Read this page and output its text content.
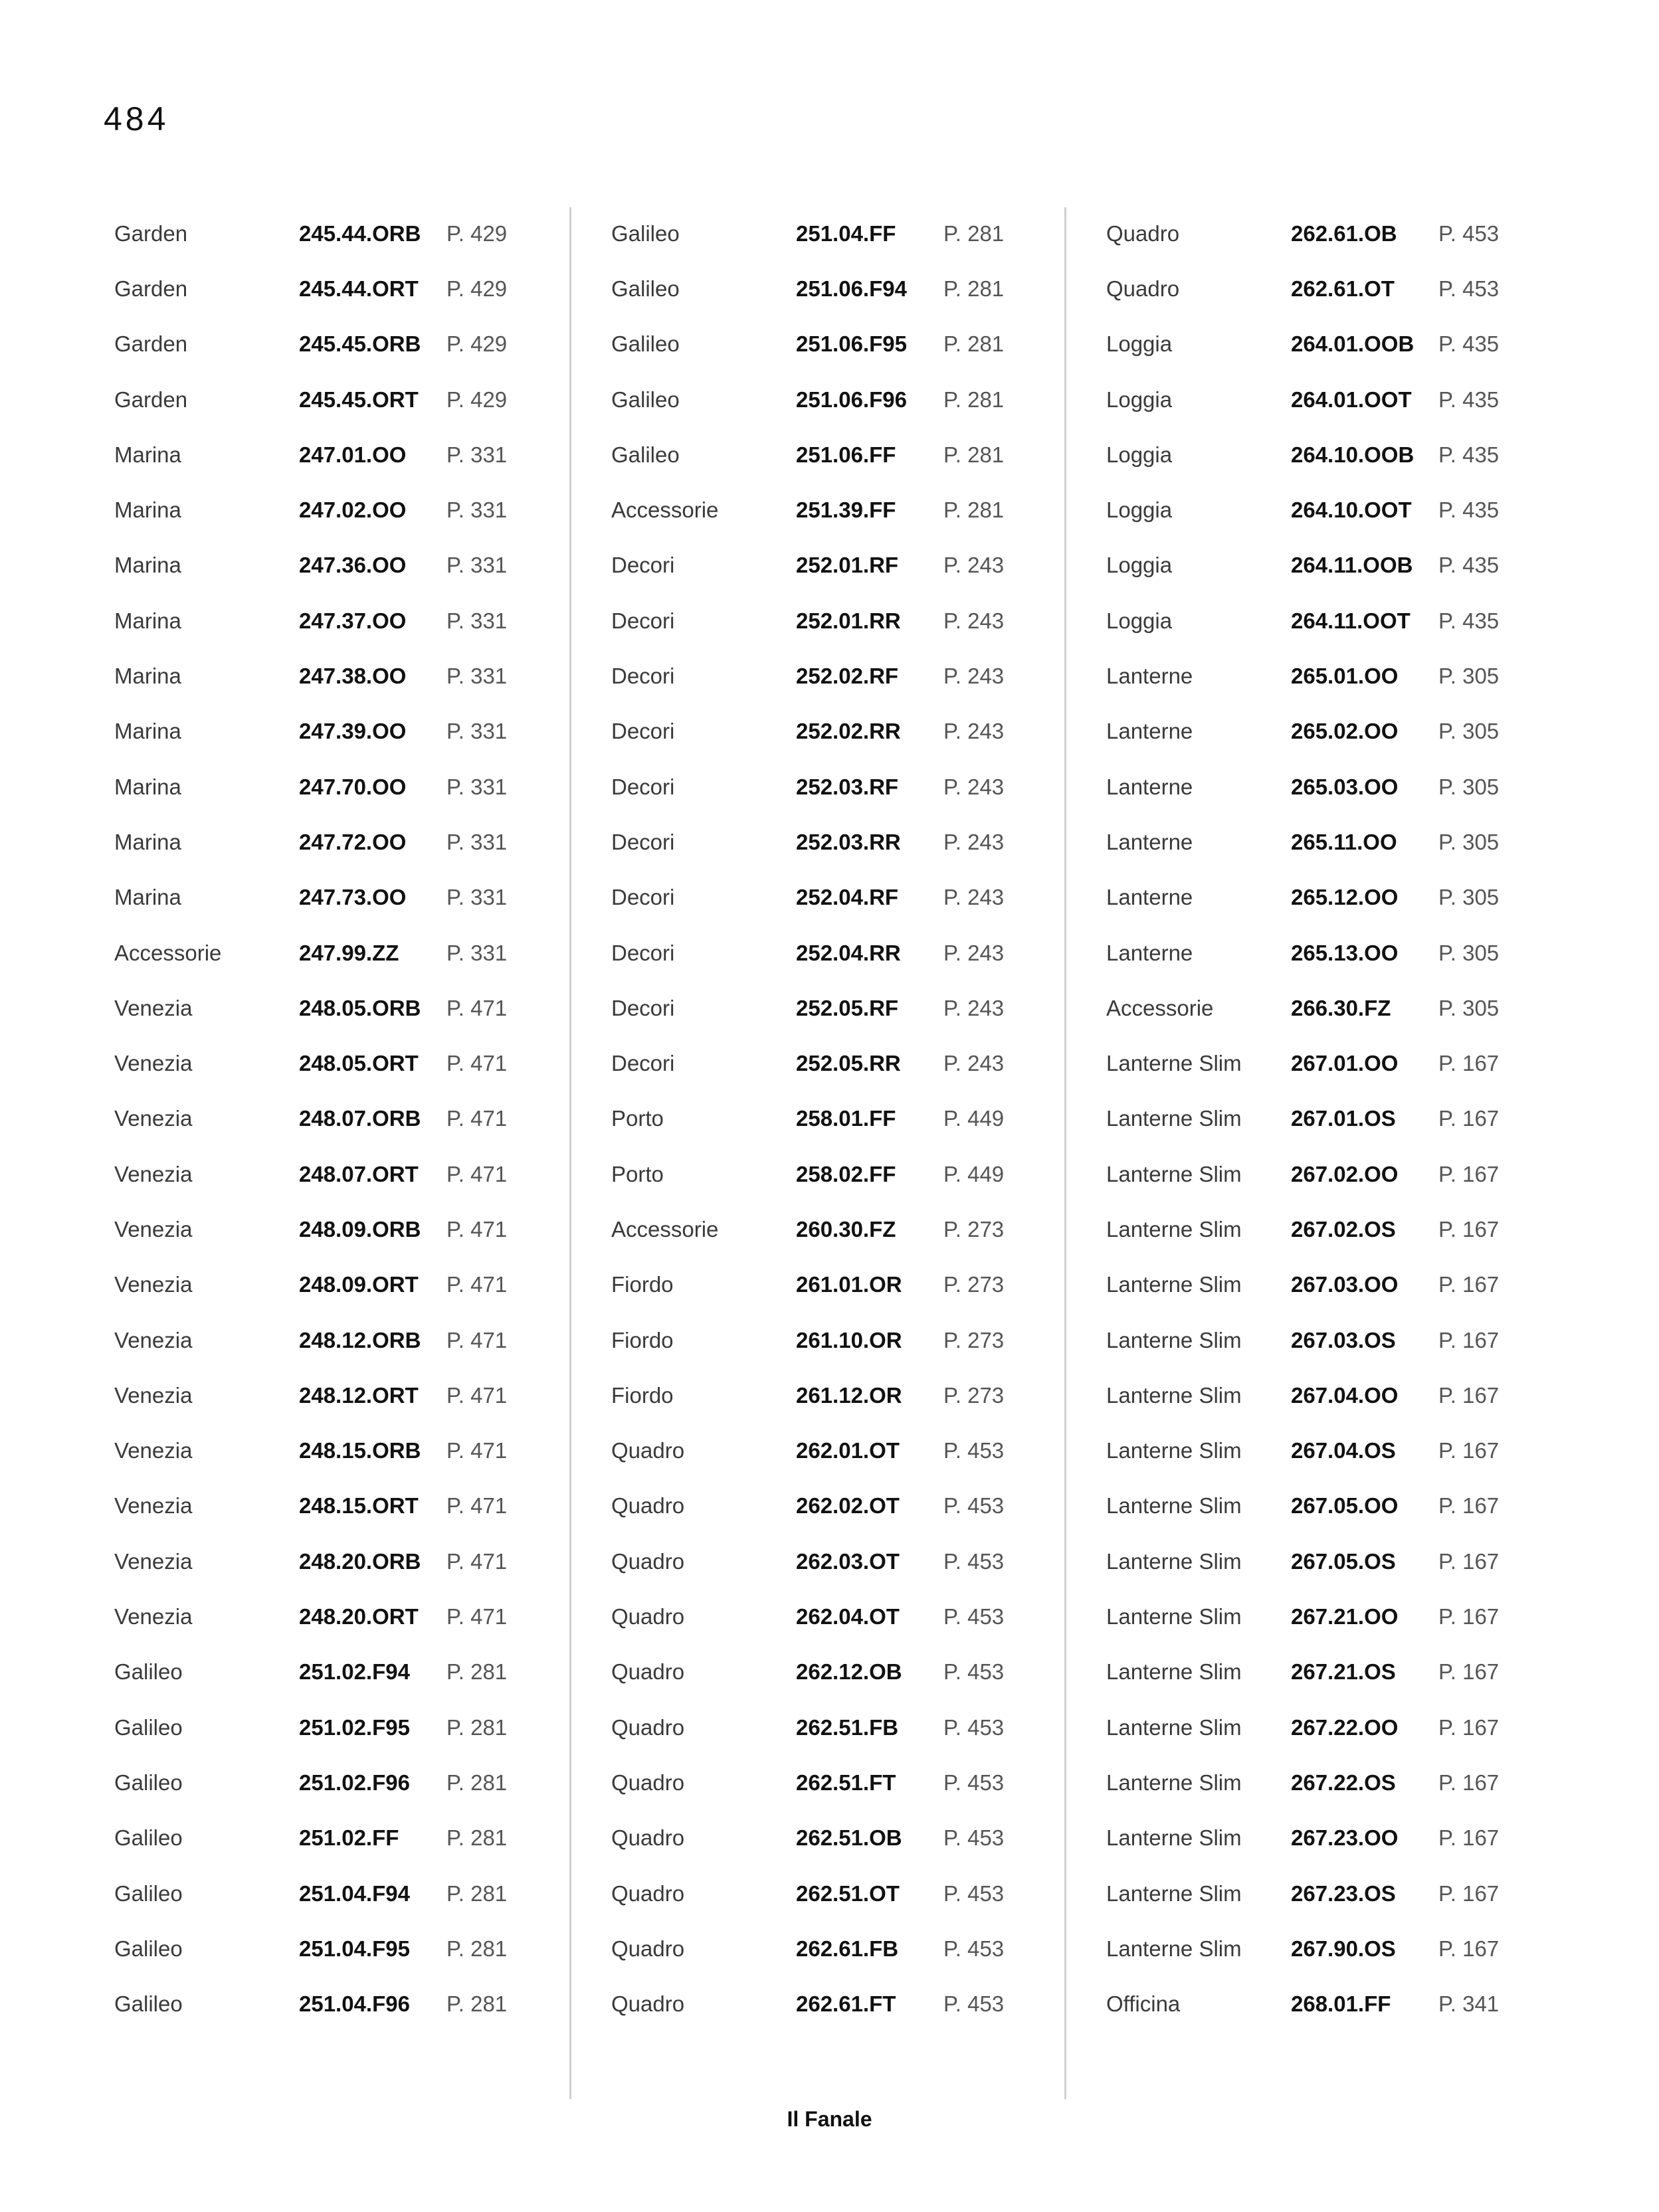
484
Garden	245.44.ORB	P. 429
Garden	245.44.ORT	P. 429
Garden	245.45.ORB	P. 429
Garden	245.45.ORT	P. 429
Marina	247.01.OO	P. 331
Marina	247.02.OO	P. 331
Marina	247.36.OO	P. 331
Marina	247.37.OO	P. 331
Marina	247.38.OO	P. 331
Marina	247.39.OO	P. 331
Marina	247.70.OO	P. 331
Marina	247.72.OO	P. 331
Marina	247.73.OO	P. 331
Accessorie	247.99.ZZ	P. 331
Venezia	248.05.ORB	P. 471
Venezia	248.05.ORT	P. 471
Venezia	248.07.ORB	P. 471
Venezia	248.07.ORT	P. 471
Venezia	248.09.ORB	P. 471
Venezia	248.09.ORT	P. 471
Venezia	248.12.ORB	P. 471
Venezia	248.12.ORT	P. 471
Venezia	248.15.ORB	P. 471
Venezia	248.15.ORT	P. 471
Venezia	248.20.ORB	P. 471
Venezia	248.20.ORT	P. 471
Galileo	251.02.F94	P. 281
Galileo	251.02.F95	P. 281
Galileo	251.02.F96	P. 281
Galileo	251.02.FF	P. 281
Galileo	251.04.F94	P. 281
Galileo	251.04.F95	P. 281
Galileo	251.04.F96	P. 281
Galileo	251.04.FF	P. 281
Galileo	251.06.F94	P. 281
Galileo	251.06.F95	P. 281
Galileo	251.06.F96	P. 281
Galileo	251.06.FF	P. 281
Accessorie	251.39.FF	P. 281
Decori	252.01.RF	P. 243
Decori	252.01.RR	P. 243
Decori	252.02.RF	P. 243
Decori	252.02.RR	P. 243
Decori	252.03.RF	P. 243
Decori	252.03.RR	P. 243
Decori	252.04.RF	P. 243
Decori	252.04.RR	P. 243
Decori	252.05.RF	P. 243
Decori	252.05.RR	P. 243
Porto	258.01.FF	P. 449
Porto	258.02.FF	P. 449
Accessorie	260.30.FZ	P. 273
Fiordo	261.01.OR	P. 273
Fiordo	261.10.OR	P. 273
Fiordo	261.12.OR	P. 273
Quadro	262.01.OT	P. 453
Quadro	262.02.OT	P. 453
Quadro	262.03.OT	P. 453
Quadro	262.04.OT	P. 453
Quadro	262.12.OB	P. 453
Quadro	262.51.FB	P. 453
Quadro	262.51.FT	P. 453
Quadro	262.51.OB	P. 453
Quadro	262.51.OT	P. 453
Quadro	262.61.FB	P. 453
Quadro	262.61.FT	P. 453
Quadro	262.61.OB	P. 453
Quadro	262.61.OT	P. 453
Loggia	264.01.OOB	P. 435
Loggia	264.01.OOT	P. 435
Loggia	264.10.OOB	P. 435
Loggia	264.10.OOT	P. 435
Loggia	264.11.OOB	P. 435
Loggia	264.11.OOT	P. 435
Lanterne	265.01.OO	P. 305
Lanterne	265.02.OO	P. 305
Lanterne	265.03.OO	P. 305
Lanterne	265.11.OO	P. 305
Lanterne	265.12.OO	P. 305
Lanterne	265.13.OO	P. 305
Accessorie	266.30.FZ	P. 305
Lanterne Slim	267.01.OO	P. 167
Lanterne Slim	267.01.OS	P. 167
Lanterne Slim	267.02.OO	P. 167
Lanterne Slim	267.02.OS	P. 167
Lanterne Slim	267.03.OO	P. 167
Lanterne Slim	267.03.OS	P. 167
Lanterne Slim	267.04.OO	P. 167
Lanterne Slim	267.04.OS	P. 167
Lanterne Slim	267.05.OO	P. 167
Lanterne Slim	267.05.OS	P. 167
Lanterne Slim	267.21.OO	P. 167
Lanterne Slim	267.21.OS	P. 167
Lanterne Slim	267.22.OO	P. 167
Lanterne Slim	267.22.OS	P. 167
Lanterne Slim	267.23.OO	P. 167
Lanterne Slim	267.23.OS	P. 167
Lanterne Slim	267.90.OS	P. 167
Officina	268.01.FF	P. 341
Il Fanale
